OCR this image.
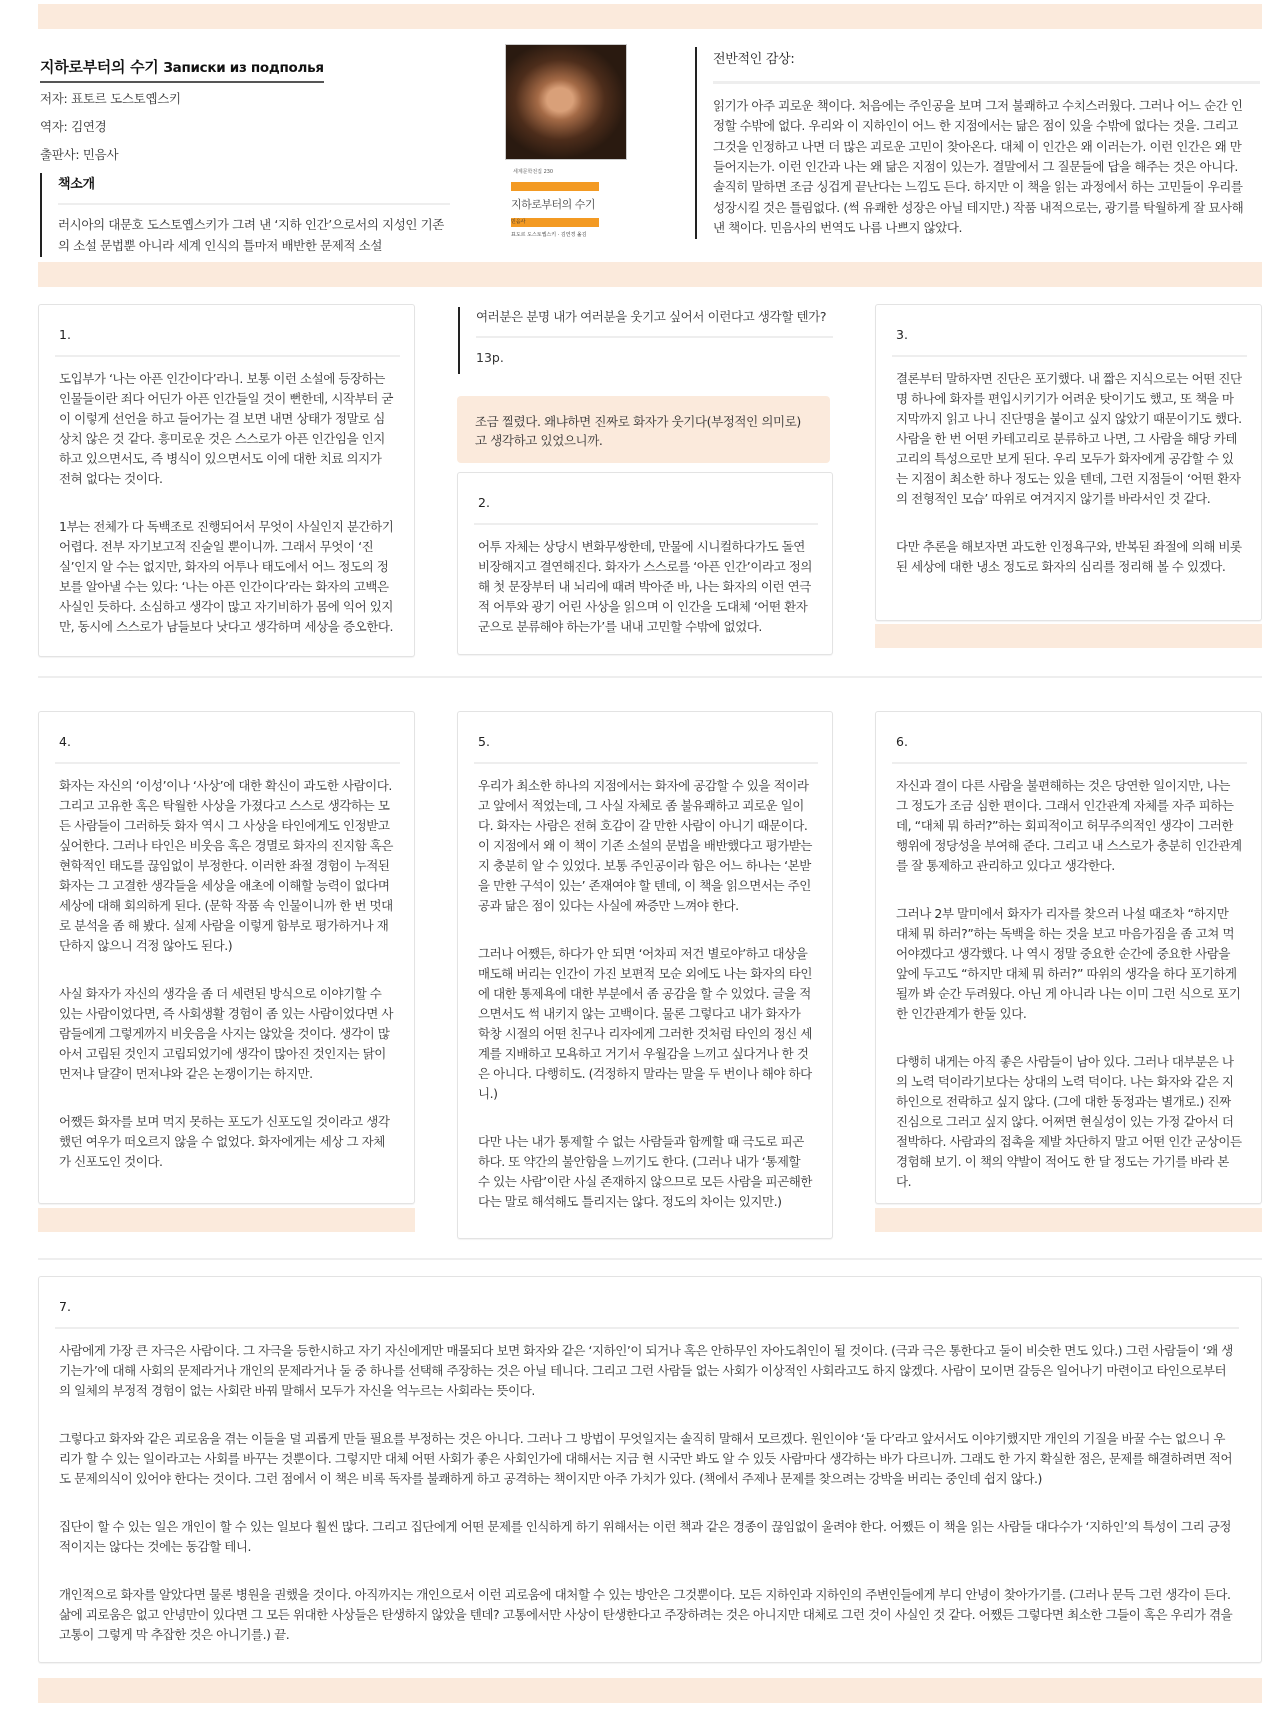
지하로부터의 수기 Записки из подполья
저자: 표토르 도스토옙스키
역자: 김연경
출판사: 민음사
책소개
러시아의 대문호 도스토옙스키가 그려 낸 ‘지하 인간’으로서의 지성인 기존의 소설 문법뿐 아니라 세계 인식의 틀마저 배반한 문제적 소설
세계문학전집 230
지하로부터의 수기
표도르 도스토옙스키 · 김연경 옮김
민음사
전반적인 감상:
읽기가 아주 괴로운 책이다. 처음에는 주인공을 보며 그저 불쾌하고 수치스러웠다. 그러나 어느 순간 인정할 수밖에 없다. 우리와 이 지하인이 어느 한 지점에서는 닮은 점이 있을 수밖에 없다는 것을. 그리고 그것을 인정하고 나면 더 많은 괴로운 고민이 찾아온다. 대체 이 인간은 왜 이러는가. 이런 인간은 왜 만들어지는가. 이런 인간과 나는 왜 닮은 지점이 있는가. 결말에서 그 질문들에 답을 해주는 것은 아니다. 솔직히 말하면 조금 싱겁게 끝난다는 느낌도 든다. 하지만 이 책을 읽는 과정에서 하는 고민들이 우리를 성장시킬 것은 틀림없다. (썩 유쾌한 성장은 아닐 테지만.) 작품 내적으로는, 광기를 탁월하게 잘 묘사해낸 책이다. 민음사의 번역도 나름 나쁘지 않았다.
1.

도입부가 ‘나는 아픈 인간이다’라니. 보통 이런 소설에 등장하는 인물들이란 죄다 어딘가 아픈 인간들일 것이 뻔한데, 시작부터 굳이 이렇게 선언을 하고 들어가는 걸 보면 내면 상태가 정말로 심상치 않은 것 같다. 흥미로운 것은 스스로가 아픈 인간임을 인지하고 있으면서도, 즉 병식이 있으면서도 이에 대한 치료 의지가 전혀 없다는 것이다.

1부는 전체가 다 독백조로 진행되어서 무엇이 사실인지 분간하기 어렵다. 전부 자기보고적 진술일 뿐이니까. 그래서 무엇이 ‘진실’인지 알 수는 없지만, 화자의 어투나 태도에서 어느 정도의 정보를 알아낼 수는 있다: ‘나는 아픈 인간이다’라는 화자의 고백은 사실인 듯하다. 소심하고 생각이 많고 자기비하가 몸에 익어 있지만, 동시에 스스로가 남들보다 낫다고 생각하며 세상을 증오한다.

여러분은 분명 내가 여러분을 웃기고 싶어서 이런다고 생각할 텐가?
13p.
조금 찔렸다. 왜냐하면 진짜로 화자가 웃기다(부정적인 의미로)고 생각하고 있었으니까.
2.

어투 자체는 상당시 변화무쌍한데, 만물에 시니컬하다가도 돌연 비장해지고 결연해진다. 화자가 스스로를 ‘아픈 인간’이라고 정의해 첫 문장부터 내 뇌리에 때려 박아준 바, 나는 화자의 이런 연극적 어투와 광기 어린 사상을 읽으며 이 인간을 도대체 ‘어떤 환자군으로 분류해야 하는가’를 내내 고민할 수밖에 없었다.

3.

결론부터 말하자면 진단은 포기했다. 내 짧은 지식으로는 어떤 진단명 하나에 화자를 편입시키기가 어려운 탓이기도 했고, 또 책을 마지막까지 읽고 나니 진단명을 붙이고 싶지 않았기 때문이기도 했다. 사람을 한 번 어떤 카테고리로 분류하고 나면, 그 사람을 해당 카테고리의 특성으로만 보게 된다. 우리 모두가 화자에게 공감할 수 있는 지점이 최소한 하나 정도는 있을 텐데, 그런 지점들이 ‘어떤 환자의 전형적인 모습’ 따위로 여겨지지 않기를 바라서인 것 같다.

다만 추론을 해보자면 과도한 인정욕구와, 반복된 좌절에 의해 비롯된 세상에 대한 냉소 정도로 화자의 심리를 정리해 볼 수 있겠다.

4.

화자는 자신의 ‘이성’이나 ‘사상’에 대한 확신이 과도한 사람이다. 그리고 고유한 혹은 탁월한 사상을 가졌다고 스스로 생각하는 모든 사람들이 그러하듯 화자 역시 그 사상을 타인에게도 인정받고 싶어한다. 그러나 타인은 비웃음 혹은 경멸로 화자의 진지함 혹은 현학적인 태도를 끊임없이 부정한다. 이러한 좌절 경험이 누적된 화자는 그 고결한 생각들을 세상을 애초에 이해할 능력이 없다며 세상에 대해 회의하게 된다. (문학 작품 속 인물이니까 한 번 멋대로 분석을 좀 해 봤다. 실제 사람을 이렇게 함부로 평가하거나 재단하지 않으니 걱정 않아도 된다.)

사실 화자가 자신의 생각을 좀 더 세련된 방식으로 이야기할 수 있는 사람이었다면, 즉 사회생활 경험이 좀 있는 사람이었다면 사람들에게 그렇게까지 비웃음을 사지는 않았을 것이다. 생각이 많아서 고립된 것인지 고립되었기에 생각이 많아진 것인지는 닭이 먼저냐 달걀이 먼저냐와 같은 논쟁이기는 하지만.

어쨌든 화자를 보며 먹지 못하는 포도가 신포도일 것이라고 생각했던 여우가 떠오르지 않을 수 없었다. 화자에게는 세상 그 자체가 신포도인 것이다.

5.

우리가 최소한 하나의 지점에서는 화자에 공감할 수 있을 적이라고 앞에서 적었는데, 그 사실 자체로 좀 불유쾌하고 괴로운 일이다. 화자는 사람은 전혀 호감이 갈 만한 사람이 아니기 때문이다. 이 지점에서 왜 이 책이 기존 소설의 문법을 배반했다고 평가받는지 충분히 알 수 있었다. 보통 주인공이라 함은 어느 하나는 ‘본받을 만한 구석이 있는’ 존재여야 할 텐데, 이 책을 읽으면서는 주인공과 닮은 점이 있다는 사실에 짜증만 느껴야 한다.

그러나 어쨌든, 하다가 안 되면 ‘어차피 저건 별로야’하고 대상을 매도해 버리는 인간이 가진 보편적 모순 외에도 나는 화자의 타인에 대한 통제욕에 대한 부분에서 좀 공감을 할 수 있었다. 글을 적으면서도 썩 내키지 않는 고백이다. 물론 그렇다고 내가 화자가 학창 시절의 어떤 친구나 리자에게 그러한 것처럼 타인의 정신 세계를 지배하고 모욕하고 거기서 우월감을 느끼고 싶다거나 한 것은 아니다. 다행히도. (걱정하지 말라는 말을 두 번이나 해야 하다니.)

다만 나는 내가 통제할 수 없는 사람들과 함께할 때 극도로 피곤하다. 또 약간의 불안함을 느끼기도 한다. (그러나 내가 ‘통제할 수 있는 사람’이란 사실 존재하지 않으므로 모든 사람을 피곤해한다는 말로 해석해도 틀리지는 않다. 정도의 차이는 있지만.)

6.

자신과 결이 다른 사람을 불편해하는 것은 당연한 일이지만, 나는 그 정도가 조금 심한 편이다. 그래서 인간관계 자체를 자주 피하는데, “대체 뭐 하러?”하는 회피적이고 허무주의적인 생각이 그러한 행위에 정당성을 부여해 준다. 그리고 내 스스로가 충분히 인간관계를 잘 통제하고 관리하고 있다고 생각한다.

그러나 2부 말미에서 화자가 리자를 찾으러 나설 때조차 “하지만 대체 뭐 하러?”하는 독백을 하는 것을 보고 마음가짐을 좀 고쳐 먹어야겠다고 생각했다. 나 역시 정말 중요한 순간에 중요한 사람을 앞에 두고도 “하지만 대체 뭐 하러?” 따위의 생각을 하다 포기하게 될까 봐 순간 두려웠다. 아닌 게 아니라 나는 이미 그런 식으로 포기한 인간관계가 한둘 있다.

다행히 내게는 아직 좋은 사람들이 남아 있다. 그러나 대부분은 나의 노력 덕이라기보다는 상대의 노력 덕이다. 나는 화자와 같은 지하인으로 전락하고 싶지 않다. (그에 대한 동정과는 별개로.) 진짜 진심으로 그러고 싶지 않다. 어쩌면 현실성이 있는 가정 같아서 더 절박하다. 사람과의 접촉을 제발 차단하지 말고 어떤 인간 군상이든 경험해 보기. 이 책의 약발이 적어도 한 달 정도는 가기를 바라 본다.

7.

사람에게 가장 큰 자극은 사람이다. 그 자극을 등한시하고 자기 자신에게만 매몰되다 보면 화자와 같은 ‘지하인’이 되거나 혹은 안하무인 자아도취인이 될 것이다. (극과 극은 통한다고 둘이 비슷한 면도 있다.) 그런 사람들이 ‘왜 생기는가’에 대해 사회의 문제라거나 개인의 문제라거나 둘 중 하나를 선택해 주장하는 것은 아닐 테니다. 그리고 그런 사람들 없는 사회가 이상적인 사회라고도 하지 않겠다. 사람이 모이면 갈등은 일어나기 마련이고 타인으로부터의 일체의 부정적 경험이 없는 사회란 바꿔 말해서 모두가 자신을 억누르는 사회라는 뜻이다.

그렇다고 화자와 같은 괴로움을 겪는 이들을 덜 괴롭게 만들 필요를 부정하는 것은 아니다. 그러나 그 방법이 무엇일지는 솔직히 말해서 모르겠다. 원인이야 ‘둘 다’라고 앞서서도 이야기했지만 개인의 기질을 바꿀 수는 없으니 우리가 할 수 있는 일이라고는 사회를 바꾸는 것뿐이다. 그렇지만 대체 어떤 사회가 좋은 사회인가에 대해서는 지금 현 시국만 봐도 알 수 있듯 사람마다 생각하는 바가 다르니까. 그래도 한 가지 확실한 점은, 문제를 해결하려면 적어도 문제의식이 있어야 한다는 것이다. 그런 점에서 이 책은 비록 독자를 불쾌하게 하고 공격하는 책이지만 아주 가치가 있다. (책에서 주제나 문제를 찾으려는 강박을 버리는 중인데 쉽지 않다.)

집단이 할 수 있는 일은 개인이 할 수 있는 일보다 훨씬 많다. 그리고 집단에게 어떤 문제를 인식하게 하기 위해서는 이런 책과 같은 경종이 끊임없이 울려야 한다. 어쨌든 이 책을 읽는 사람들 대다수가 ‘지하인’의 특성이 그리 긍정적이지는 않다는 것에는 동감할 테니.

개인적으로 화자를 알았다면 물론 병원을 권했을 것이다. 아직까지는 개인으로서 이런 괴로움에 대처할 수 있는 방안은 그것뿐이다. 모든 지하인과 지하인의 주변인들에게 부디 안녕이 찾아가기를. (그러나 문득 그런 생각이 든다. 삶에 괴로움은 없고 안녕만이 있다면 그 모든 위대한 사상들은 탄생하지 않았을 텐데? 고통에서만 사상이 탄생한다고 주장하려는 것은 아니지만 대체로 그런 것이 사실인 것 같다. 어쨌든 그렇다면 최소한 그들이 혹은 우리가 겪을 고통이 그렇게 막 추잡한 것은 아니기를.) 끝.
